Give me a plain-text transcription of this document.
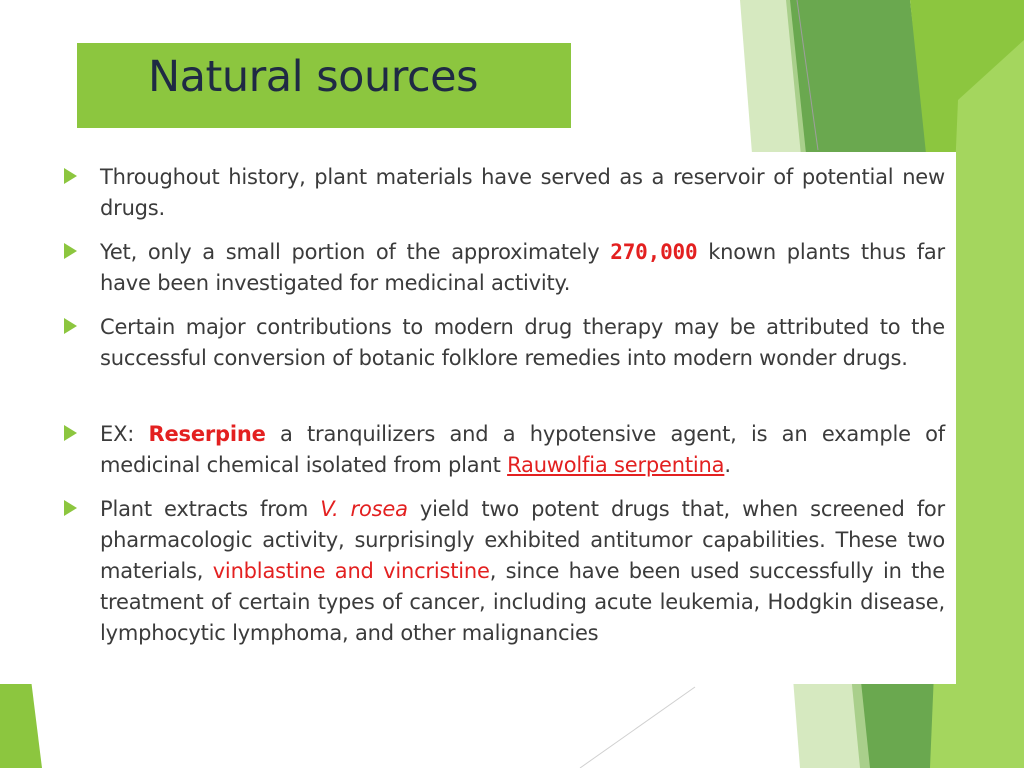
Natural sources
Throughout history, plant materials have served as a reservoir of potential new drugs.
Yet, only a small portion of the approximately 270,000 known plants thus far have been investigated for medicinal activity.
Certain major contributions to modern drug therapy may be attributed to the successful conversion of botanic folklore remedies into modern wonder drugs.
EX: Reserpine a tranquilizers and a hypotensive agent, is an example of medicinal chemical isolated from plant Rauwolfia serpentina.
Plant extracts from V. rosea yield two potent drugs that, when screened for pharmacologic activity, surprisingly exhibited antitumor capabilities. These two materials, vinblastine and vincristine, since have been used successfully in the treatment of certain types of cancer, including acute leukemia, Hodgkin disease, lymphocytic lymphoma, and other malignancies
